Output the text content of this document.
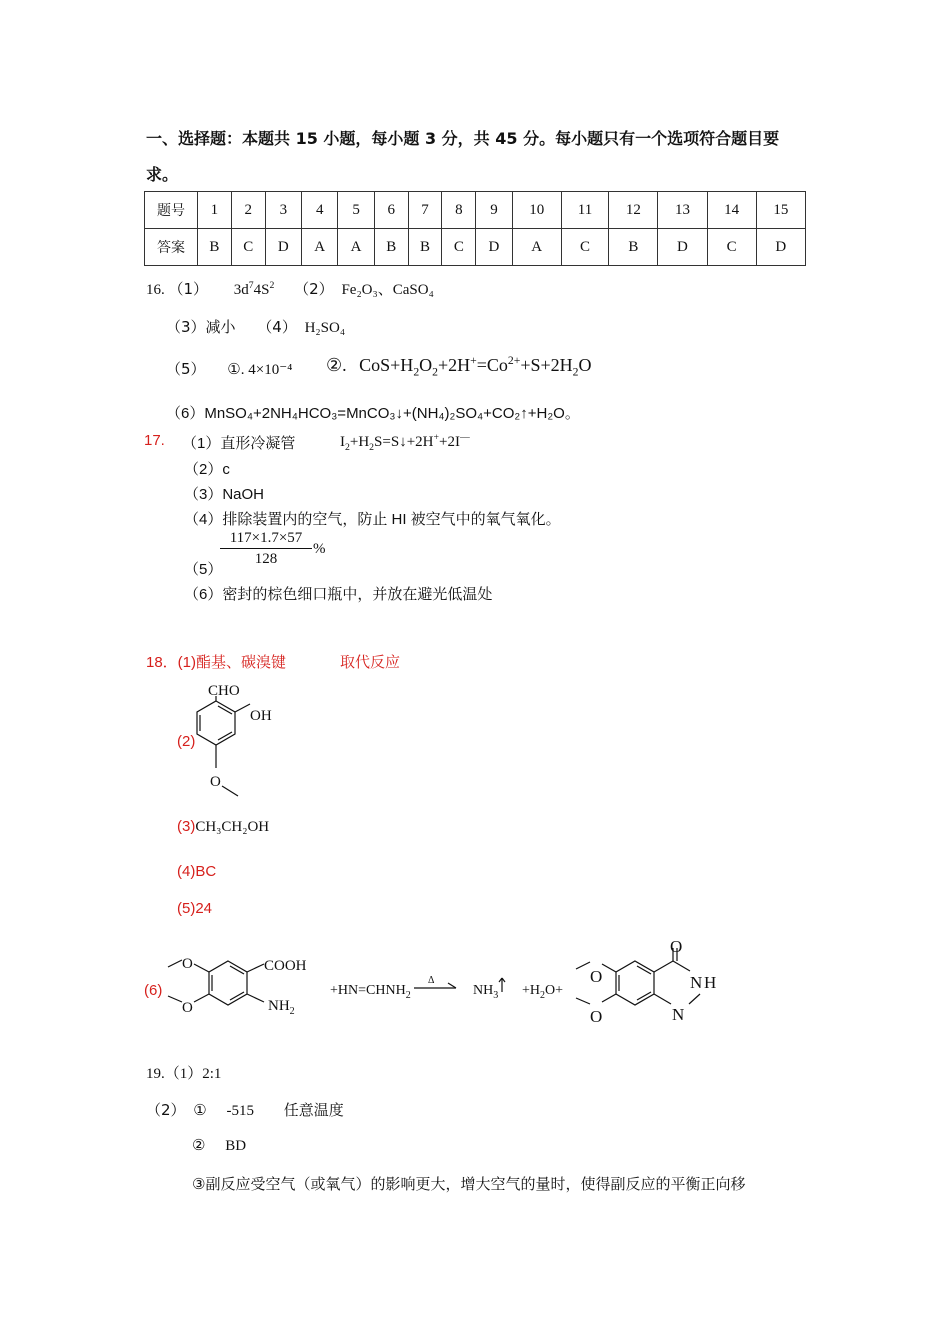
一、选择题：本题共 15 小题，每小题 3 分，共 45 分。每小题只有一个选项符合题目要
求。
题号	1	2	3	4	5	6	7	8	9	10	11	12	13	14	15
答案	B	C	D	A	A	B	B	C	D	A	C	B	D	C	D
16. （1） $3d^74S^2$ （2） Fe₂O₃、CaSO₄
（3）减小 （4） H₂SO₄
（5） ①. 4×10⁻⁴ ②. $CoS+H_2O_2+2H^+=Co^{2+}+S+2H_2O$
（6）MnSO₄+2NH₄HCO₃=MnCO₃↓+(NH₄)₂SO₄+CO₂↑+H₂O。
17. （1）直形冷凝管	$I_2+H_2S=S↓+2H^++2I^—$
（2）c
（3）NaOH
（4）排除装置内的空气，防止 HI 被空气中的氧气氧化。
$\frac{117\times 1.7\times 57}{128}$ %
（5）
（6）密封的棕色细口瓶中，并放在避光低温处
18．(1)酯基、碳溴键	取代反应
(2)
CHO
OH
O
(3)CH₃CH₂OH
(4)BC
(5)24
(6)
O
O
COOH
$NH_2$
$+HN=CHNH_2$
Δ
$NH_3 +H_2O+$
O
N H
N
O
O
19.（1）2:1
（2） ① -515 任意温度
② BD
③副反应受空气（或氧气）的影响更大，增大空气的量时，使得副反应的平衡正向移
